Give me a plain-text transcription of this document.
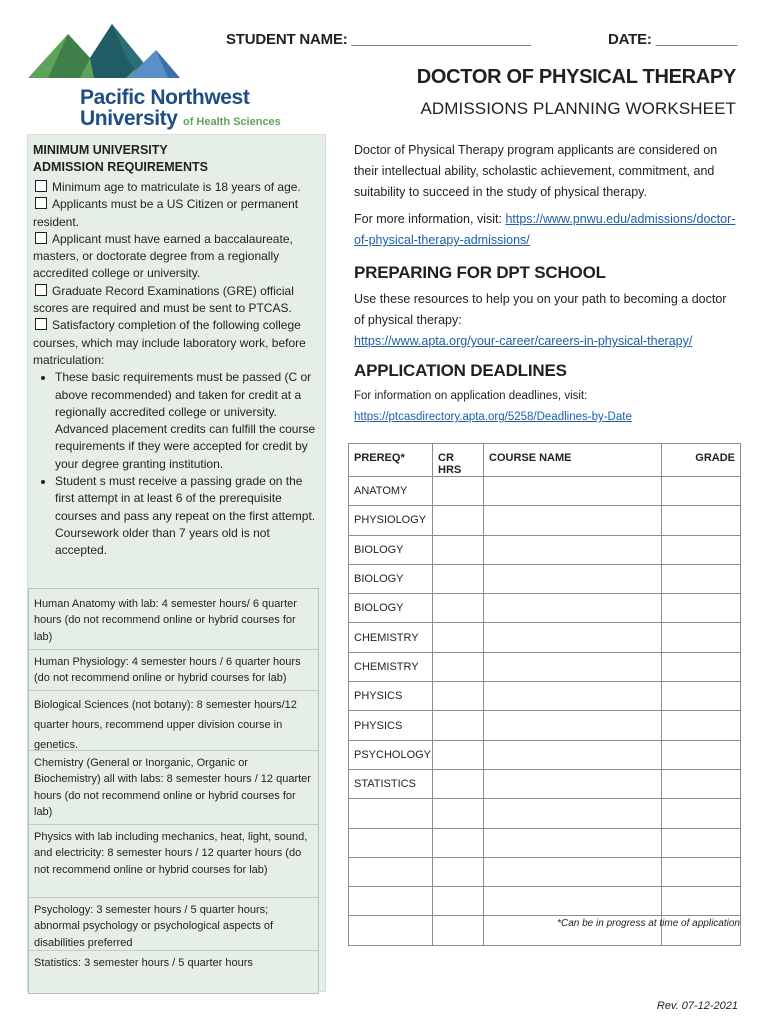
STUDENT NAME: ______________________	DATE: __________
Pacific Northwest
University of Health Sciences
DOCTOR OF PHYSICAL THERAPY
ADMISSIONS PLANNING WORKSHEET
MINIMUM UNIVERSITY
ADMISSION REQUIREMENTS

Minimum age to matriculate is 18 years of age.

Applicants must be a US Citizen or permanent resident.

Applicant must have earned a baccalaureate, masters, or doctorate degree from a regionally accredited college or university.

Graduate Record Examinations (GRE) official scores are required and must be sent to PTCAS.

Satisfactory completion of the following college courses, which may include laboratory work, before matriculation:

• These basic requirements must be passed (C or above recommended) and taken for credit at a regionally accredited college or university. Advanced placement credits can fulfill the course requirements if they were accepted for credit by your degree granting institution.
• Student s must receive a passing grade on the first attempt in at least 6 of the prerequisite courses and pass any repeat on the first attempt. Coursework older than 7 years old is not accepted.
Human Anatomy with lab: 4 semester hours/ 6 quarter hours (do not recommend online or hybrid courses for lab)
Human Physiology: 4 semester hours / 6 quarter hours (do not recommend online or hybrid courses for lab)
Biological Sciences (not botany): 8 semester hours/12 quarter hours, recommend upper division course in genetics.
Chemistry (General or Inorganic, Organic or Biochemistry) all with labs: 8 semester hours / 12 quarter hours (do not recommend online or hybrid courses for lab)
Physics with lab including mechanics, heat, light, sound, and electricity: 8 semester hours / 12 quarter hours (do not recommend online or hybrid courses for lab)
Psychology: 3 semester hours / 5 quarter hours; abnormal psychology or psychological aspects of disabilities preferred
Statistics: 3 semester hours / 5 quarter hours
Doctor of Physical Therapy program applicants are considered on their intellectual ability, scholastic achievement, commitment, and suitability to succeed in the study of physical therapy.
For more information, visit: https://www.pnwu.edu/admissions/doctor-of-physical-therapy-admissions/
PREPARING FOR DPT SCHOOL
Use these resources to help you on your path to becoming a doctor of physical therapy:
https://www.apta.org/your-career/careers-in-physical-therapy/
APPLICATION DEADLINES
For information on application deadlines, visit: https://ptcasdirectory.apta.org/5258/Deadlines-by-Date
PREREQ*	CR HRS	COURSE NAME	GRADE
ANATOMY			
PHYSIOLOGY			
BIOLOGY			
BIOLOGY			
BIOLOGY			
CHEMISTRY			
CHEMISTRY			
PHYSICS			
PHYSICS			
PSYCHOLOGY			
STATISTICS			

*Can be in progress at time of application
Rev. 07-12-2021
